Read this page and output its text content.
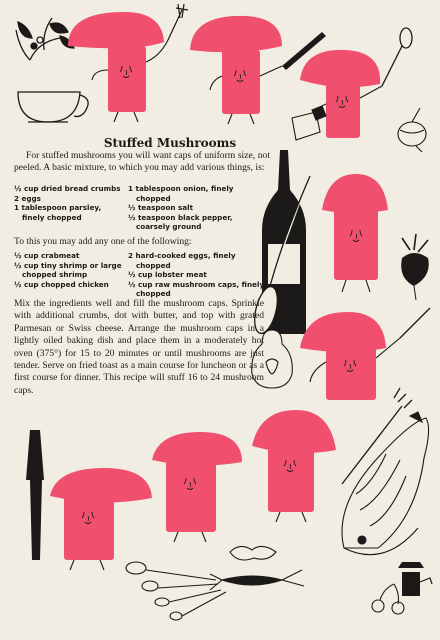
Stuffed Mushrooms
For stuffed mushrooms you will want caps of uniform size, not peeled. A basic mixture, to which you may add various things, is:
½ cup dried bread crumbs
2 eggs
1 tablespoon parsley, finely chopped
1 tablespoon onion, finely chopped
½ teaspoon salt
½ teaspoon black pepper, coarsely ground
To this you may add any one of the following:
½ cup crabmeat
½ cup tiny shrimp or large chopped shrimp
½ cup chopped chicken
2 hard-cooked eggs, finely chopped
½ cup lobster meat
½ cup raw mushroom caps, finely chopped
Mix the ingredients well and fill the mushroom caps. Sprinkle with additional crumbs, dot with butter, and top with grated Parmesan or Swiss cheese. Arrange the mushroom caps in a lightly oiled baking dish and place them in a moderately hot oven (375°) for 15 to 20 minutes or until mushrooms are just tender. Serve on fried toast as a main course for luncheon or as a first course for dinner. This recipe will stuff 16 to 24 mushroom caps.
